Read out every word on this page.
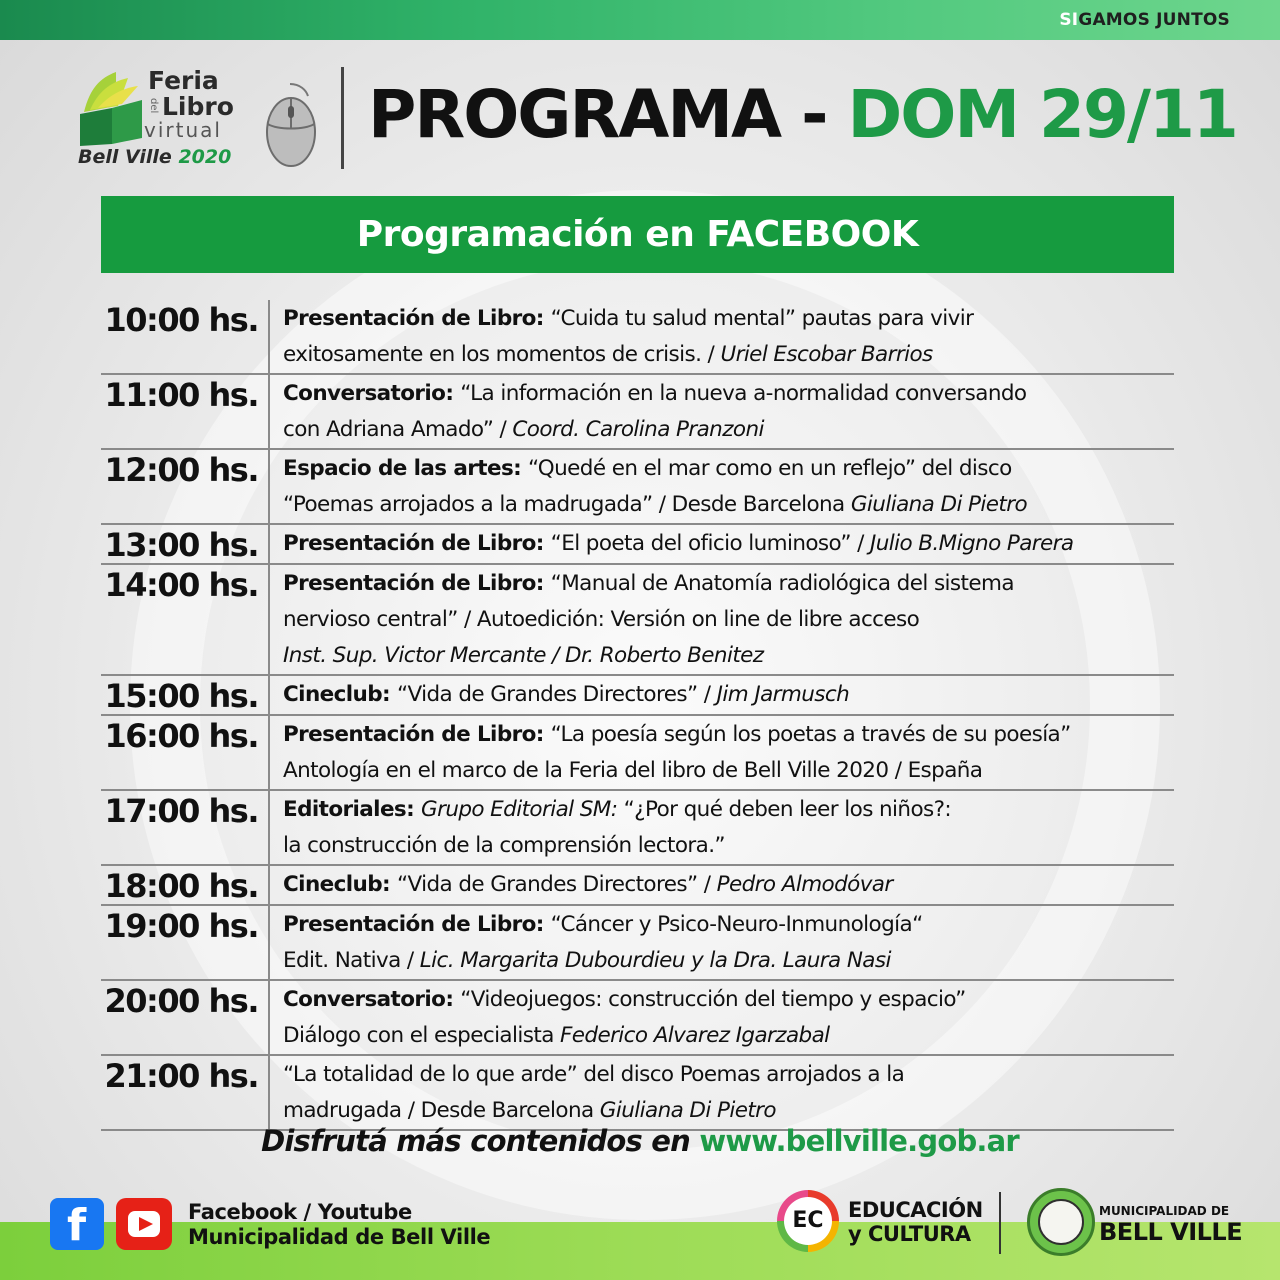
SIGAMOS JUNTOS
Feria
del Libro
virtual
Bell Ville 2020
PROGRAMA - DOM 29/11
Programación en FACEBOOK
10:00 hs.	Presentación de Libro: “Cuida tu salud mental” pautas para vivir
exitosamente en los momentos de crisis. / Uriel Escobar Barrios
11:00 hs.	Conversatorio: “La información en la nueva a-normalidad conversando
con Adriana Amado” / Coord. Carolina Pranzoni
12:00 hs.	Espacio de las artes: “Quedé en el mar como en un reflejo” del disco
“Poemas arrojados a la madrugada” / Desde Barcelona Giuliana Di Pietro
13:00 hs.	Presentación de Libro: “El poeta del oficio luminoso” / Julio B.Migno Parera
14:00 hs.	Presentación de Libro: “Manual de Anatomía radiológica del sistema
nervioso central” / Autoedición: Versión on line de libre acceso
Inst. Sup. Victor Mercante / Dr. Roberto Benitez
15:00 hs.	Cineclub: “Vida de Grandes Directores” / Jim Jarmusch
16:00 hs.	Presentación de Libro: “La poesía según los poetas a través de su poesía”
Antología en el marco de la Feria del libro de Bell Ville 2020 / España
17:00 hs.	Editoriales: Grupo Editorial SM: “¿Por qué deben leer los niños?:
la construcción de la comprensión lectora.”
18:00 hs.	Cineclub: “Vida de Grandes Directores” / Pedro Almodóvar
19:00 hs.	Presentación de Libro: “Cáncer y Psico-Neuro-Inmunología“
Edit. Nativa / Lic. Margarita Dubourdieu y la Dra. Laura Nasi
20:00 hs.	Conversatorio: “Videojuegos: construcción del tiempo y espacio”
Diálogo con el especialista Federico Alvarez Igarzabal
21:00 hs.	“La totalidad de lo que arde” del disco Poemas arrojados a la
madrugada / Desde Barcelona Giuliana Di Pietro
Disfrutá más contenidos en www.bellville.gob.ar
f	Facebook / Youtube
Municipalidad de Bell Ville
EC	EDUCACIÓN
y CULTURA
MUNICIPALIDAD DE
BELL VILLE
